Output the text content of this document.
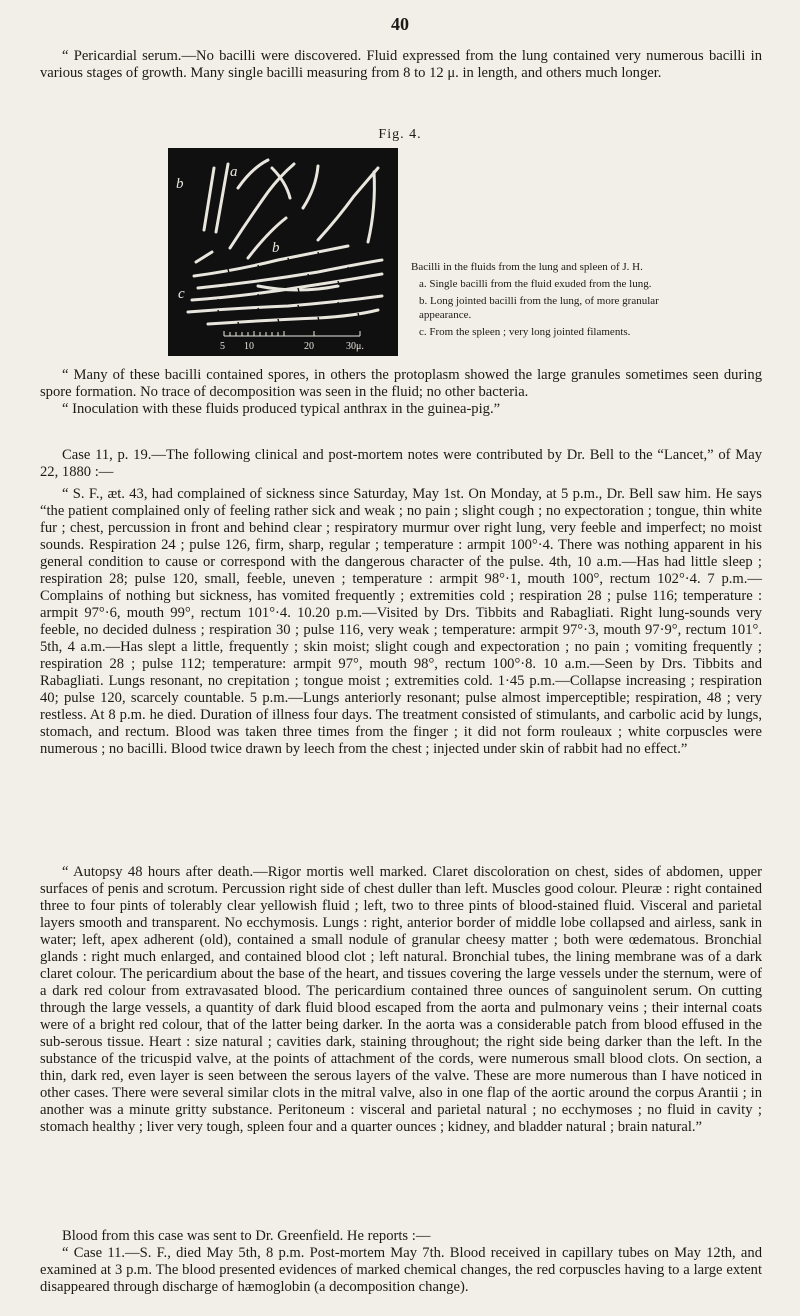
40

“ Pericardial serum.—No bacilli were discovered. Fluid expressed from the lung contained very numerous bacilli in various stages of growth. Many single bacilli measuring from 8 to 12 μ. in length, and others much longer.

Fig. 4.
b
a
b
c
5 10	20	30μ.
Bacilli in the fluids from the lung and spleen of J. H.
a. Single bacilli from the fluid exuded from the lung.
b. Long jointed bacilli from the lung, of more granular appearance.
c. From the spleen ; very long jointed filaments.

“ Many of these bacilli contained spores, in others the protoplasm showed the large granules sometimes seen during spore formation. No trace of decomposition was seen in the fluid; no other bacteria.

“ Inoculation with these fluids produced typical anthrax in the guinea-pig.”

Case 11, p. 19.—The following clinical and post-mortem notes were contributed by Dr. Bell to the “Lancet,” of May 22, 1880 :—

“ S. F., æt. 43, had complained of sickness since Saturday, May 1st. On Monday, at 5 p.m., Dr. Bell saw him. He says “the patient complained only of feeling rather sick and weak ; no pain ; slight cough ; no expectoration ; tongue, thin white fur ; chest, percussion in front and behind clear ; respiratory murmur over right lung, very feeble and imperfect; no moist sounds. Respiration 24 ; pulse 126, firm, sharp, regular ; temperature : armpit 100°·4. There was nothing apparent in his general condition to cause or correspond with the dangerous character of the pulse. 4th, 10 a.m.—Has had little sleep ; respiration 28; pulse 120, small, feeble, uneven ; temperature : armpit 98°·1, mouth 100°, rectum 102°·4. 7 p.m.—Complains of nothing but sickness, has vomited frequently ; extremities cold ; respiration 28 ; pulse 116; temperature : armpit 97°·6, mouth 99°, rectum 101°·4. 10.20 p.m.—Visited by Drs. Tibbits and Rabagliati. Right lung-sounds very feeble, no decided dulness ; respiration 30 ; pulse 116, very weak ; temperature: armpit 97°·3, mouth 97·9°, rectum 101°. 5th, 4 a.m.—Has slept a little, frequently ; skin moist; slight cough and expectoration ; no pain ; vomiting frequently ; respiration 28 ; pulse 112; temperature: armpit 97°, mouth 98°, rectum 100°·8. 10 a.m.—Seen by Drs. Tibbits and Rabagliati. Lungs resonant, no crepitation ; tongue moist ; extremities cold. 1·45 p.m.—Collapse increasing ; respiration 40; pulse 120, scarcely countable. 5 p.m.—Lungs anteriorly resonant; pulse almost imperceptible; respiration, 48 ; very restless. At 8 p.m. he died. Duration of illness four days. The treatment consisted of stimulants, and carbolic acid by lungs, stomach, and rectum. Blood was taken three times from the finger ; it did not form rouleaux ; white corpuscles were numerous ; no bacilli. Blood twice drawn by leech from the chest ; injected under skin of rabbit had no effect.”

“ Autopsy 48 hours after death.—Rigor mortis well marked. Claret discoloration on chest, sides of abdomen, upper surfaces of penis and scrotum. Percussion right side of chest duller than left. Muscles good colour. Pleuræ : right contained three to four pints of tolerably clear yellowish fluid ; left, two to three pints of blood-stained fluid. Visceral and parietal layers smooth and transparent. No ecchymosis. Lungs : right, anterior border of middle lobe collapsed and airless, sank in water; left, apex adherent (old), contained a small nodule of granular cheesy matter ; both were œdematous. Bronchial glands : right much enlarged, and contained blood clot ; left natural. Bronchial tubes, the lining membrane was of a dark claret colour. The pericardium about the base of the heart, and tissues covering the large vessels under the sternum, were of a dark red colour from extravasated blood. The pericardium contained three ounces of sanguinolent serum. On cutting through the large vessels, a quantity of dark fluid blood escaped from the aorta and pulmonary veins ; their internal coats were of a bright red colour, that of the latter being darker. In the aorta was a considerable patch from blood effused in the sub-serous tissue. Heart : size natural ; cavities dark, staining throughout; the right side being darker than the left. In the substance of the tricuspid valve, at the points of attachment of the cords, were numerous small blood clots. On section, a thin, dark red, even layer is seen between the serous layers of the valve. These are more numerous than I have noticed in other cases. There were several similar clots in the mitral valve, also in one flap of the aortic around the corpus Arantii ; in another was a minute gritty substance. Peritoneum : visceral and parietal natural ; no ecchymoses ; no fluid in cavity ; stomach healthy ; liver very tough, spleen four and a quarter ounces ; kidney, and bladder natural ; brain natural.”

Blood from this case was sent to Dr. Greenfield. He reports :—

“ Case 11.—S. F., died May 5th, 8 p.m. Post-mortem May 7th. Blood received in capillary tubes on May 12th, and examined at 3 p.m. The blood presented evidences of marked chemical changes, the red corpuscles having to a large extent disappeared through discharge of hæmoglobin (a decomposition change).
